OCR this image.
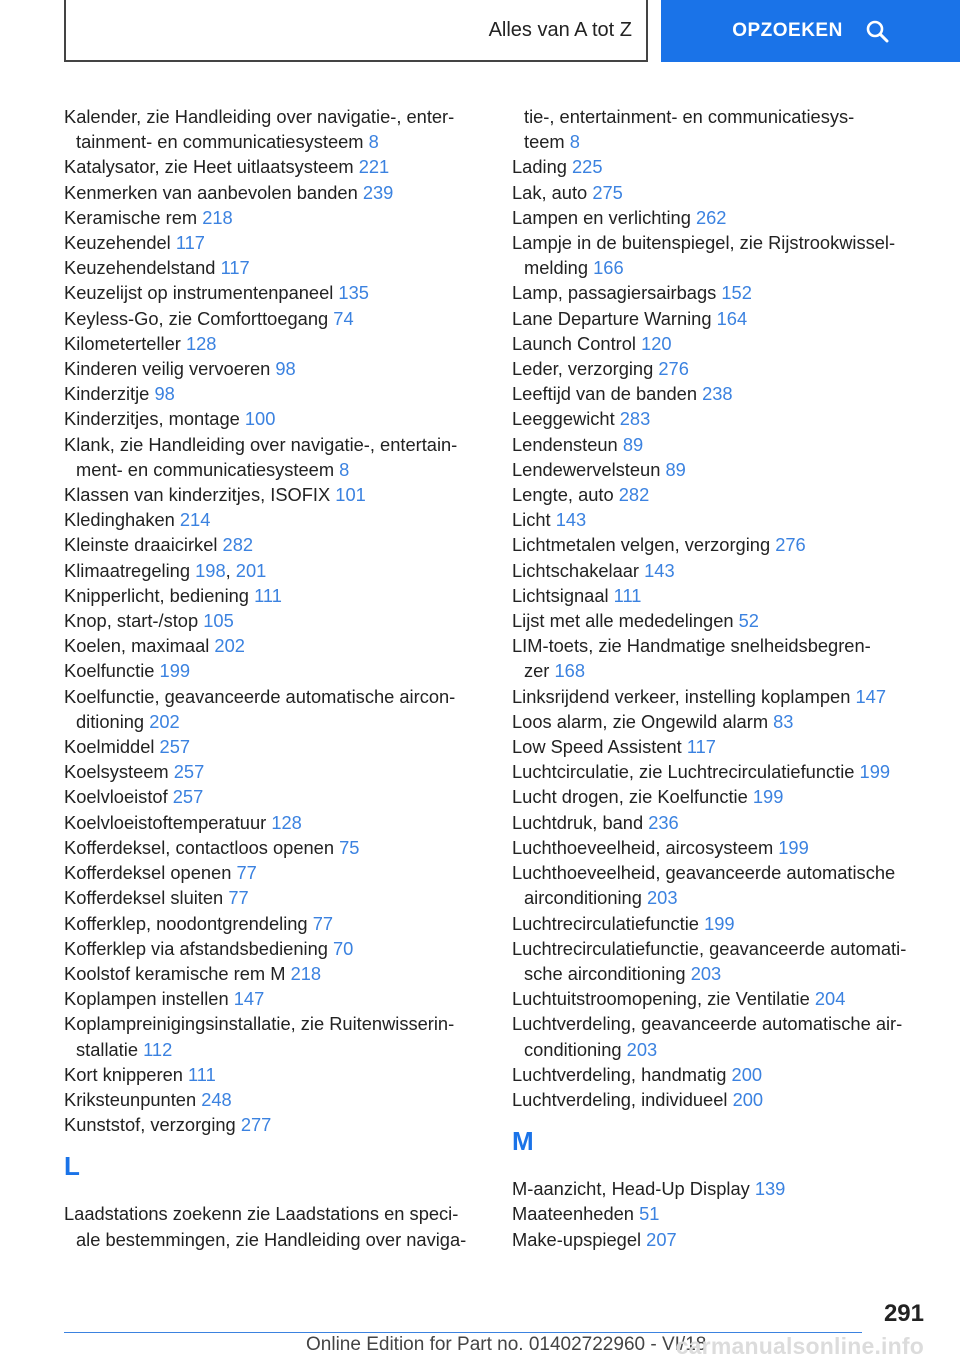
Alles van A tot Z	OPZOEKEN
Kalender, zie Handleiding over navigatie-, enter-
tainment- en communicatiesysteem 8
Katalysator, zie Heet uitlaatsysteem 221
Kenmerken van aanbevolen banden 239
Keramische rem 218
Keuzehendel 117
Keuzehendelstand 117
Keuzelijst op instrumentenpaneel 135
Keyless-Go, zie Comforttoegang 74
Kilometerteller 128
Kinderen veilig vervoeren 98
Kinderzitje 98
Kinderzitjes, montage 100
Klank, zie Handleiding over navigatie-, entertain-
ment- en communicatiesysteem 8
Klassen van kinderzitjes, ISOFIX 101
Kledinghaken 214
Kleinste draaicirkel 282
Klimaatregeling 198, 201
Knipperlicht, bediening 111
Knop, start-/stop 105
Koelen, maximaal 202
Koelfunctie 199
Koelfunctie, geavanceerde automatische aircon-
ditioning 202
Koelmiddel 257
Koelsysteem 257
Koelvloeistof 257
Koelvloeistoftemperatuur 128
Kofferdeksel, contactloos openen 75
Kofferdeksel openen 77
Kofferdeksel sluiten 77
Kofferklep, noodontgrendeling 77
Kofferklep via afstandsbediening 70
Koolstof keramische rem M 218
Koplampen instellen 147
Koplampreinigingsinstallatie, zie Ruitenwisserin-
stallatie 112
Kort knipperen 111
Kriksteunpunten 248
Kunststof, verzorging 277
L
Laadstations zoekenn zie Laadstations en speci-
ale bestemmingen, zie Handleiding over naviga-
tie-, entertainment- en communicatiesys-
teem 8
Lading 225
Lak, auto 275
Lampen en verlichting 262
Lampje in de buitenspiegel, zie Rijstrookwissel-
melding 166
Lamp, passagiersairbags 152
Lane Departure Warning 164
Launch Control 120
Leder, verzorging 276
Leeftijd van de banden 238
Leeggewicht 283
Lendensteun 89
Lendewervelsteun 89
Lengte, auto 282
Licht 143
Lichtmetalen velgen, verzorging 276
Lichtschakelaar 143
Lichtsignaal 111
Lijst met alle mededelingen 52
LIM-toets, zie Handmatige snelheidsbegren-
zer 168
Linksrijdend verkeer, instelling koplampen 147
Loos alarm, zie Ongewild alarm 83
Low Speed Assistent 117
Luchtcirculatie, zie Luchtrecirculatiefunctie 199
Lucht drogen, zie Koelfunctie 199
Luchtdruk, band 236
Luchthoeveelheid, aircosysteem 199
Luchthoeveelheid, geavanceerde automatische
airconditioning 203
Luchtrecirculatiefunctie 199
Luchtrecirculatiefunctie, geavanceerde automati-
sche airconditioning 203
Luchtuitstroomopening, zie Ventilatie 204
Luchtverdeling, geavanceerde automatische air-
conditioning 203
Luchtverdeling, handmatig 200
Luchtverdeling, individueel 200
M
M-aanzicht, Head-Up Display 139
Maateenheden 51
Make-upspiegel 207
291
Online Edition for Part no. 01402722960 - VI/18
carmanualsonline.info
